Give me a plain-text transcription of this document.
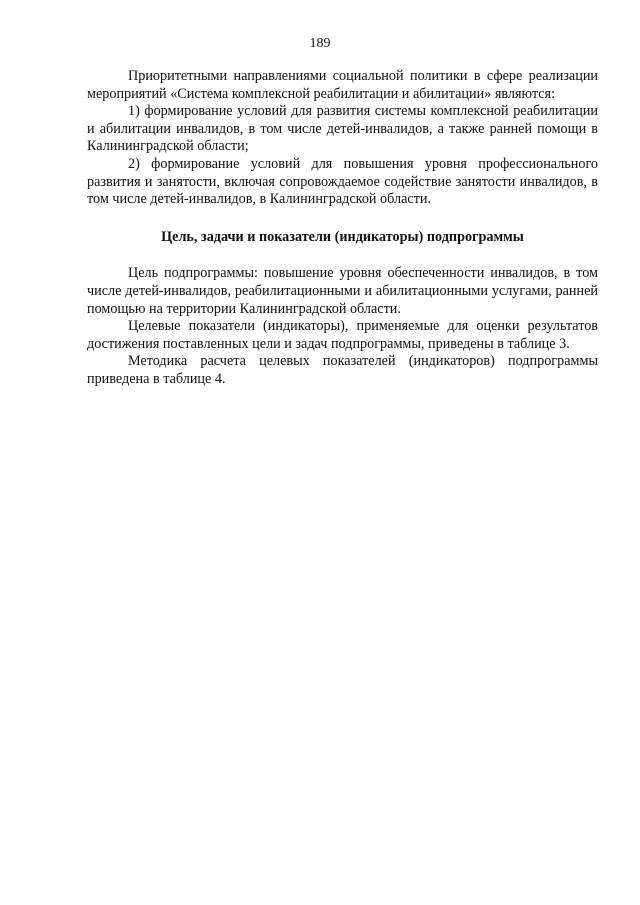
189

Приоритетными направлениями социальной политики в сфере реализации мероприятий «Система комплексной реабилитации и абилитации» являются:

1) формирование условий для развития системы комплексной реабилитации и абилитации инвалидов, в том числе детей-инвалидов, а также ранней помощи в Калининградской области;

2) формирование условий для повышения уровня профессионального развития и занятости, включая сопровождаемое содействие занятости инвалидов, в том числе детей-инвалидов, в Калининградской области.

Цель, задачи и показатели (индикаторы) подпрограммы

Цель подпрограммы: повышение уровня обеспеченности инвалидов, в том числе детей-инвалидов, реабилитационными и абилитационными услугами, ранней помощью на территории Калининградской области.

Целевые показатели (индикаторы), применяемые для оценки результатов достижения поставленных цели и задач подпрограммы, приведены в таблице 3.

Методика расчета целевых показателей (индикаторов) подпрограммы приведена в таблице 4.
